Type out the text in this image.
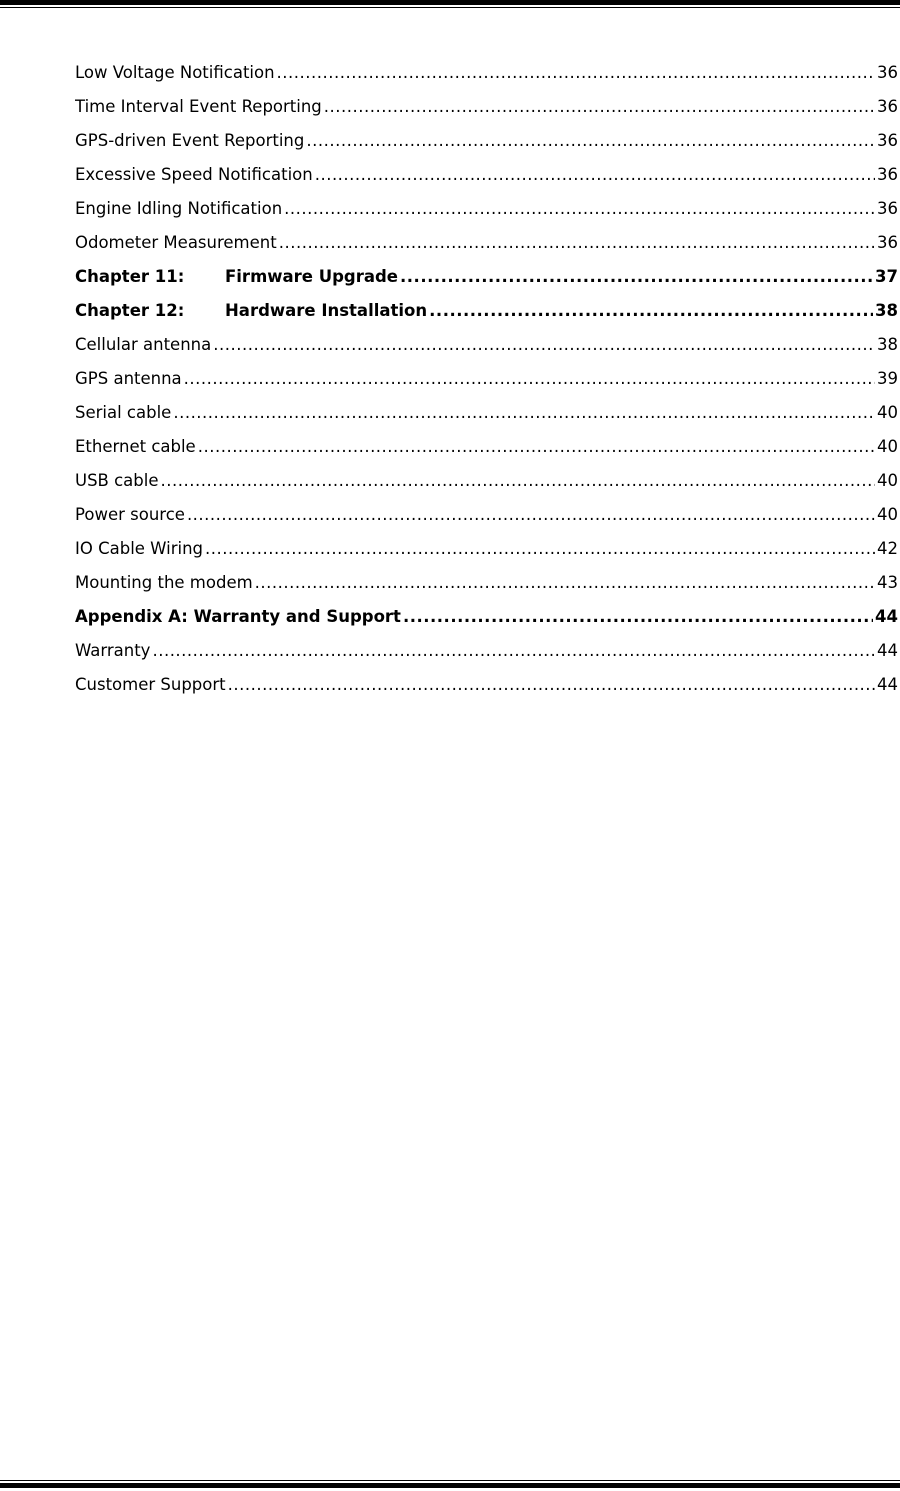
Low Voltage Notification .....	36
Time Interval Event Reporting .....	36
GPS-driven Event Reporting .....	36
Excessive Speed Notification .....	36
Engine Idling Notification .....	36
Odometer Measurement .....	36
Chapter 11: Firmware Upgrade .....	37
Chapter 12: Hardware Installation .....	38
Cellular antenna .....	38
GPS antenna .....	39
Serial cable .....	40
Ethernet cable .....	40
USB cable .....	40
Power source .....	40
IO Cable Wiring .....	42
Mounting the modem .....	43
Appendix A: Warranty and Support .....	44
Warranty .....	44
Customer Support .....	44
